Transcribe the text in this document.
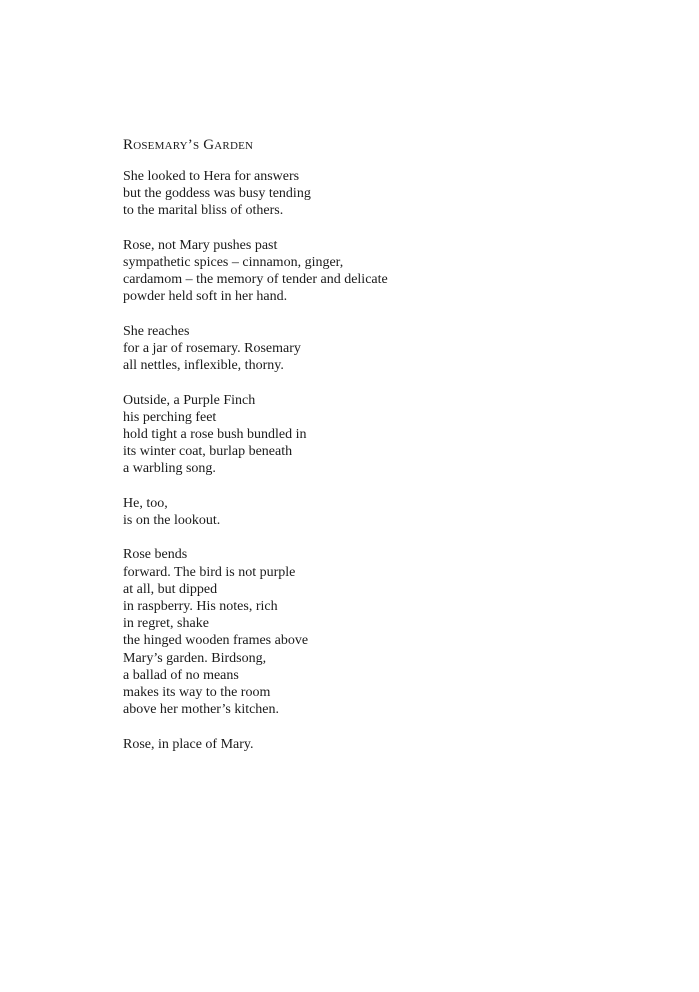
Rosemary’s Garden
She looked to Hera for answers
but the goddess was busy tending
to the marital bliss of others.
Rose, not Mary pushes past
sympathetic spices – cinnamon, ginger,
cardamom – the memory of tender and delicate
powder held soft in her hand.
She reaches
for a jar of rosemary. Rosemary
all nettles, inflexible, thorny.
Outside, a Purple Finch
his perching feet
hold tight a rose bush bundled in
its winter coat, burlap beneath
a warbling song.
He, too,
is on the lookout.
Rose bends
forward. The bird is not purple
at all, but dipped
in raspberry. His notes, rich
in regret, shake
the hinged wooden frames above
Mary’s garden. Birdsong,
a ballad of no means
makes its way to the room
above her mother’s kitchen.
Rose, in place of Mary.
